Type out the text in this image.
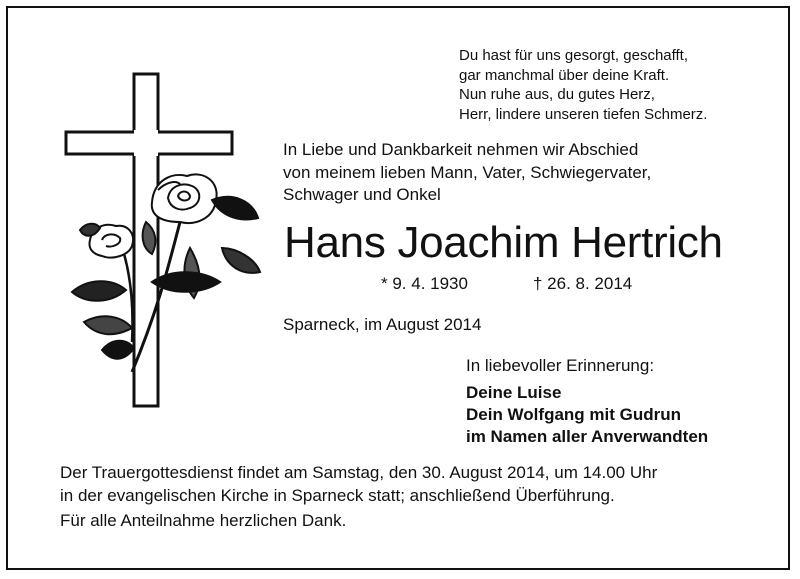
Du hast für uns gesorgt, geschafft,
gar manchmal über deine Kraft.
Nun ruhe aus, du gutes Herz,
Herr, lindere unseren tiefen Schmerz.
In Liebe und Dankbarkeit nehmen wir Abschied
von meinem lieben Mann, Vater, Schwiegervater,
Schwager und Onkel
Hans Joachim Hertrich
* 9. 4. 1930	† 26. 8. 2014
Sparneck, im August 2014
In liebevoller Erinnerung:
Deine Luise
Dein Wolfgang mit Gudrun
im Namen aller Anverwandten
Der Trauergottesdienst findet am Samstag, den 30. August 2014, um 14.00 Uhr
in der evangelischen Kirche in Sparneck statt; anschließend Überführung.
Für alle Anteilnahme herzlichen Dank.
